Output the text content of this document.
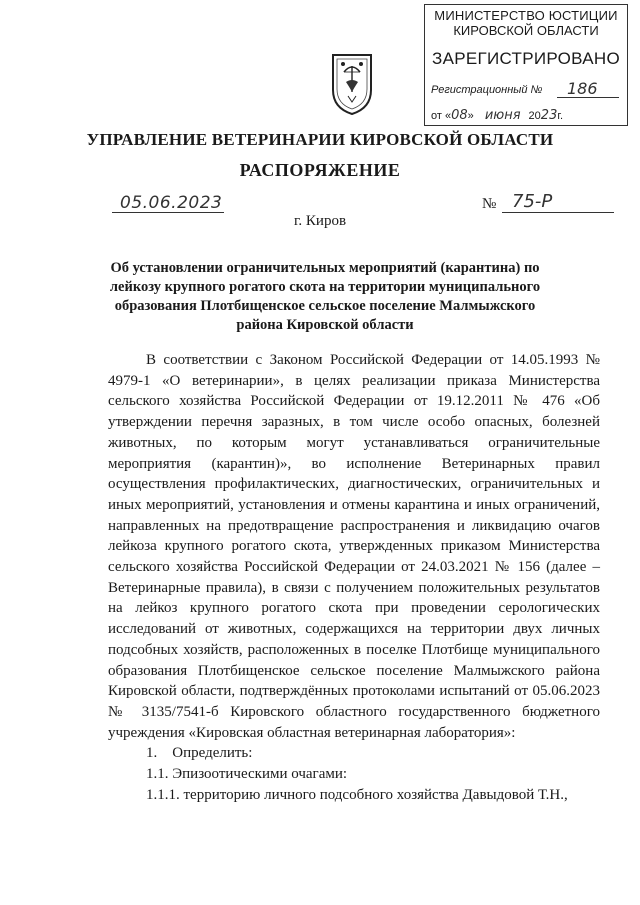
МИНИСТЕРСТВО ЮСТИЦИИ
КИРОВСКОЙ ОБЛАСТИ
ЗАРЕГИСТРИРОВАНО
Регистрационный № 186
от «08» июня 2023г.
УПРАВЛЕНИЕ ВЕТЕРИНАРИИ КИРОВСКОЙ ОБЛАСТИ
РАСПОРЯЖЕНИЕ
05.06.2023	№ 75-Р
г. Киров
Об установлении ограничительных мероприятий (карантина) по лейкозу крупного рогатого скота на территории муниципального образования Плотбищенское сельское поселение Малмыжского района Кировской области

В соответствии с Законом Российской Федерации от 14.05.1993 № 4979-1 «О ветеринарии», в целях реализации приказа Министерства сельского хозяйства Российской Федерации от 19.12.2011 № 476 «Об утверждении перечня заразных, в том числе особо опасных, болезней животных, по которым могут устанавливаться ограничительные мероприятия (карантин)», во исполнение Ветеринарных правил осуществления профилактических, диагностических, ограничительных и иных мероприятий, установления и отмены карантина и иных ограничений, направленных на предотвращение распространения и ликвидацию очагов лейкоза крупного рогатого скота, утвержденных приказом Министерства сельского хозяйства Российской Федерации от 24.03.2021 № 156 (далее – Ветеринарные правила), в связи с получением положительных результатов на лейкоз крупного рогатого скота при проведении серологических исследований от животных, содержащихся на территории двух личных подсобных хозяйств, расположенных в поселке Плотбище муниципального образования Плотбищенское сельское поселение Малмыжского района Кировской области, подтверждённых протоколами испытаний от 05.06.2023 № 3135/7541-б Кировского областного государственного бюджетного учреждения «Кировская областная ветеринарная лаборатория»:

1.    Определить:

1.1. Эпизоотическими очагами:

1.1.1. территорию личного подсобного хозяйства Давыдовой Т.Н.,
